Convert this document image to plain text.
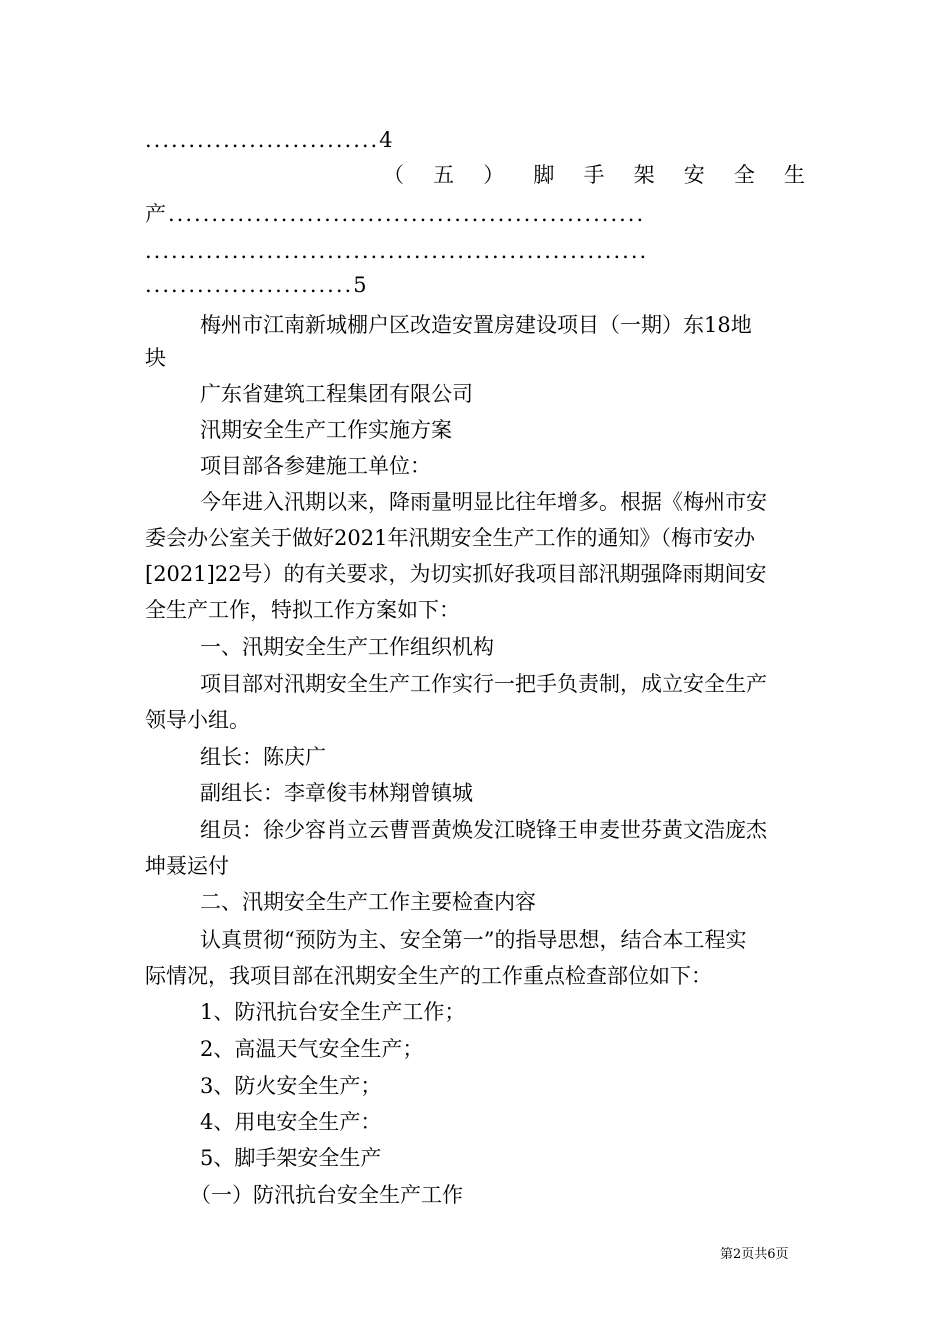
...........................4
（ 五 ） 脚 手 架 安 全 生
产.......................................................
..........................................................
........................5
梅州市江南新城棚户区改造安置房建设项目（一期）东18地
块
广东省建筑工程集团有限公司
汛期安全生产工作实施方案
项目部各参建施工单位：
今年进入汛期以来，降雨量明显比往年增多。根据《梅州市安
委会办公室关于做好2021年汛期安全生产工作的通知》（梅市安办
[2021]22号）的有关要求，为切实抓好我项目部汛期强降雨期间安
全生产工作，特拟工作方案如下：
一、汛期安全生产工作组织机构
项目部对汛期安全生产工作实行一把手负责制，成立安全生产
领导小组。
组长：陈庆广
副组长：李章俊韦林翔曾镇城
组员：徐少容肖立云曹晋黄焕发江晓锋王申麦世芬黄文浩庞杰
坤聂运付
二、汛期安全生产工作主要检查内容
认真贯彻“预防为主、安全第一”的指导思想，结合本工程实
际情况，我项目部在汛期安全生产的工作重点检查部位如下：
1、防汛抗台安全生产工作；
2、高温天气安全生产；
3、防火安全生产；
4、用电安全生产：
5、脚手架安全生产
（一）防汛抗台安全生产工作
第2页共6页
